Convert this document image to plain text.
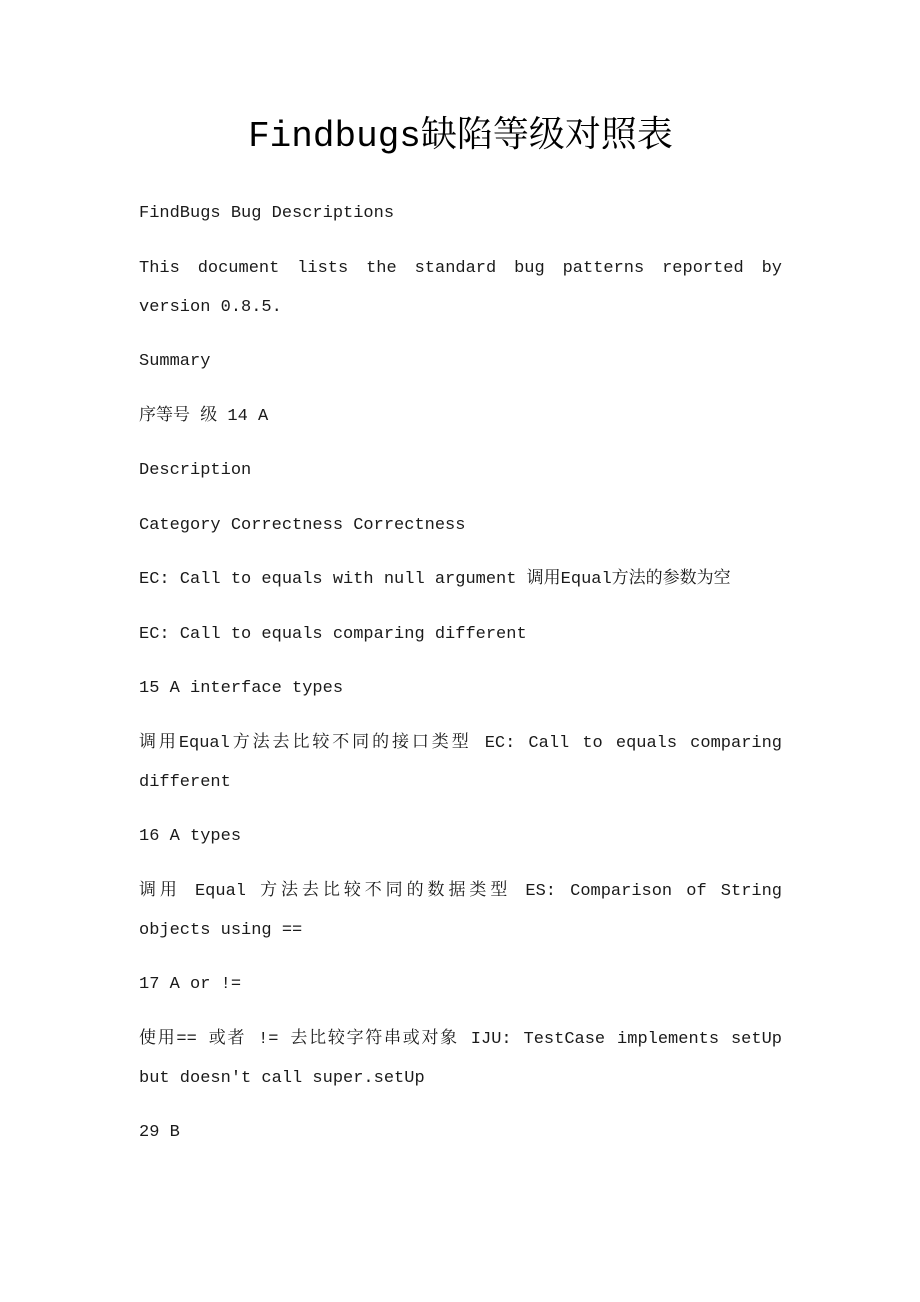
Findbugs缺陷等级对照表

FindBugs Bug Descriptions

This document lists the standard bug patterns reported by version 0.8.5.

Summary

序等号 级 14 A

Description

Category Correctness Correctness

EC: Call to equals with null argument 调用Equal方法的参数为空

EC: Call to equals comparing different

15 A interface types

调用Equal方法去比较不同的接口类型 EC: Call to equals comparing different

16 A types

调用 Equal 方法去比较不同的数据类型 ES: Comparison of String objects using ==

17 A or !=

使用== 或者 != 去比较字符串或对象 IJU: TestCase implements setUp but doesn't call super.setUp

29 B
